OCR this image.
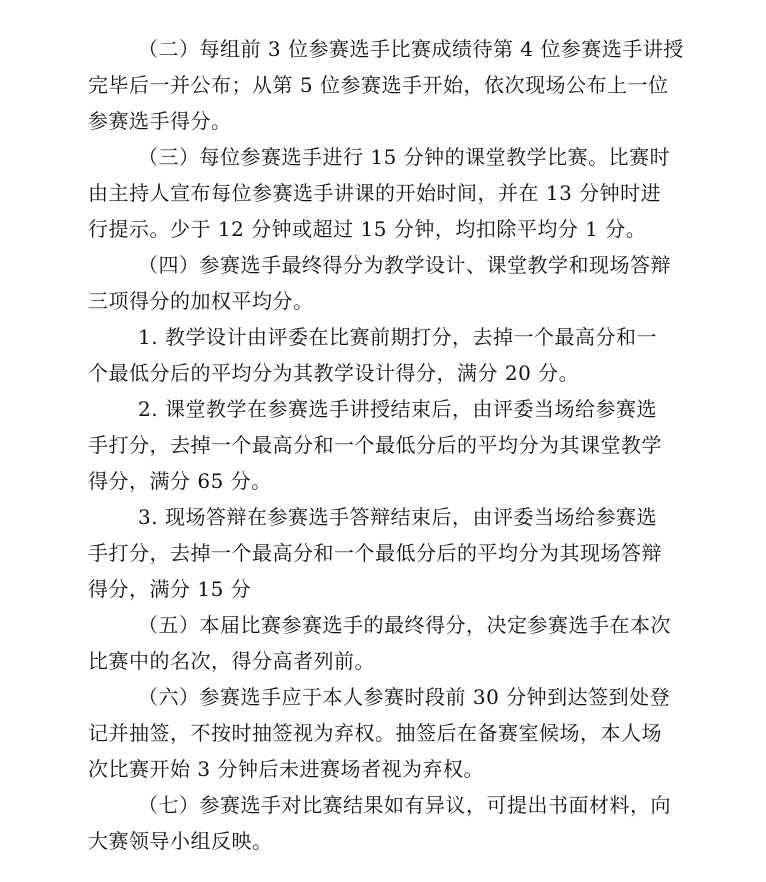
（二）每组前 3 位参赛选手比赛成绩待第 4 位参赛选手讲授
完毕后一并公布；从第 5 位参赛选手开始，依次现场公布上一位
参赛选手得分。
（三）每位参赛选手进行 15 分钟的课堂教学比赛。比赛时
由主持人宣布每位参赛选手讲课的开始时间，并在 13 分钟时进
行提示。少于 12 分钟或超过 15 分钟，均扣除平均分 1 分。
（四）参赛选手最终得分为教学设计、课堂教学和现场答辩
三项得分的加权平均分。
1. 教学设计由评委在比赛前期打分，去掉一个最高分和一
个最低分后的平均分为其教学设计得分，满分 20 分。
2. 课堂教学在参赛选手讲授结束后，由评委当场给参赛选
手打分，去掉一个最高分和一个最低分后的平均分为其课堂教学
得分，满分 65 分。
3. 现场答辩在参赛选手答辩结束后，由评委当场给参赛选
手打分，去掉一个最高分和一个最低分后的平均分为其现场答辩
得分，满分 15 分
（五）本届比赛参赛选手的最终得分，决定参赛选手在本次
比赛中的名次，得分高者列前。
（六）参赛选手应于本人参赛时段前 30 分钟到达签到处登
记并抽签，不按时抽签视为弃权。抽签后在备赛室候场，本人场
次比赛开始 3 分钟后未进赛场者视为弃权。
（七）参赛选手对比赛结果如有异议，可提出书面材料，向
大赛领导小组反映。
